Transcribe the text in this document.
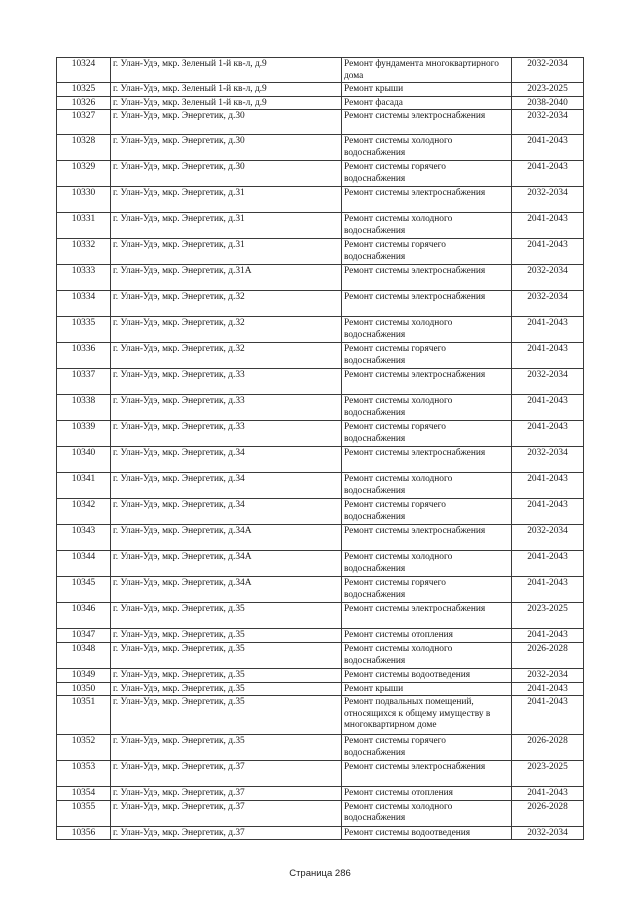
10324	г. Улан-Удэ, мкр. Зеленый 1-й кв-л, д.9	Ремонт фундамента многоквартирного дома	2032-2034
10325	г. Улан-Удэ, мкр. Зеленый 1-й кв-л, д.9	Ремонт крыши	2023-2025
10326	г. Улан-Удэ, мкр. Зеленый 1-й кв-л, д.9	Ремонт фасада	2038-2040
10327	г. Улан-Удэ, мкр. Энергетик, д.30	Ремонт системы электроснабжения	2032-2034
10328	г. Улан-Удэ, мкр. Энергетик, д.30	Ремонт системы холодного водоснабжения	2041-2043
10329	г. Улан-Удэ, мкр. Энергетик, д.30	Ремонт системы горячего водоснабжения	2041-2043
10330	г. Улан-Удэ, мкр. Энергетик, д.31	Ремонт системы электроснабжения	2032-2034
10331	г. Улан-Удэ, мкр. Энергетик, д.31	Ремонт системы холодного водоснабжения	2041-2043
10332	г. Улан-Удэ, мкр. Энергетик, д.31	Ремонт системы горячего водоснабжения	2041-2043
10333	г. Улан-Удэ, мкр. Энергетик, д.31А	Ремонт системы электроснабжения	2032-2034
10334	г. Улан-Удэ, мкр. Энергетик, д.32	Ремонт системы электроснабжения	2032-2034
10335	г. Улан-Удэ, мкр. Энергетик, д.32	Ремонт системы холодного водоснабжения	2041-2043
10336	г. Улан-Удэ, мкр. Энергетик, д.32	Ремонт системы горячего водоснабжения	2041-2043
10337	г. Улан-Удэ, мкр. Энергетик, д.33	Ремонт системы электроснабжения	2032-2034
10338	г. Улан-Удэ, мкр. Энергетик, д.33	Ремонт системы холодного водоснабжения	2041-2043
10339	г. Улан-Удэ, мкр. Энергетик, д.33	Ремонт системы горячего водоснабжения	2041-2043
10340	г. Улан-Удэ, мкр. Энергетик, д.34	Ремонт системы электроснабжения	2032-2034
10341	г. Улан-Удэ, мкр. Энергетик, д.34	Ремонт системы холодного водоснабжения	2041-2043
10342	г. Улан-Удэ, мкр. Энергетик, д.34	Ремонт системы горячего водоснабжения	2041-2043
10343	г. Улан-Удэ, мкр. Энергетик, д.34А	Ремонт системы электроснабжения	2032-2034
10344	г. Улан-Удэ, мкр. Энергетик, д.34А	Ремонт системы холодного водоснабжения	2041-2043
10345	г. Улан-Удэ, мкр. Энергетик, д.34А	Ремонт системы горячего водоснабжения	2041-2043
10346	г. Улан-Удэ, мкр. Энергетик, д.35	Ремонт системы электроснабжения	2023-2025
10347	г. Улан-Удэ, мкр. Энергетик, д.35	Ремонт системы отопления	2041-2043
10348	г. Улан-Удэ, мкр. Энергетик, д.35	Ремонт системы холодного водоснабжения	2026-2028
10349	г. Улан-Удэ, мкр. Энергетик, д.35	Ремонт системы водоотведения	2032-2034
10350	г. Улан-Удэ, мкр. Энергетик, д.35	Ремонт крыши	2041-2043
10351	г. Улан-Удэ, мкр. Энергетик, д.35	Ремонт подвальных помещений, относящихся к общему имуществу в многоквартирном доме	2041-2043
10352	г. Улан-Удэ, мкр. Энергетик, д.35	Ремонт системы горячего водоснабжения	2026-2028
10353	г. Улан-Удэ, мкр. Энергетик, д.37	Ремонт системы электроснабжения	2023-2025
10354	г. Улан-Удэ, мкр. Энергетик, д.37	Ремонт системы отопления	2041-2043
10355	г. Улан-Удэ, мкр. Энергетик, д.37	Ремонт системы холодного водоснабжения	2026-2028
10356	г. Улан-Удэ, мкр. Энергетик, д.37	Ремонт системы водоотведения	2032-2034
Страница 286
